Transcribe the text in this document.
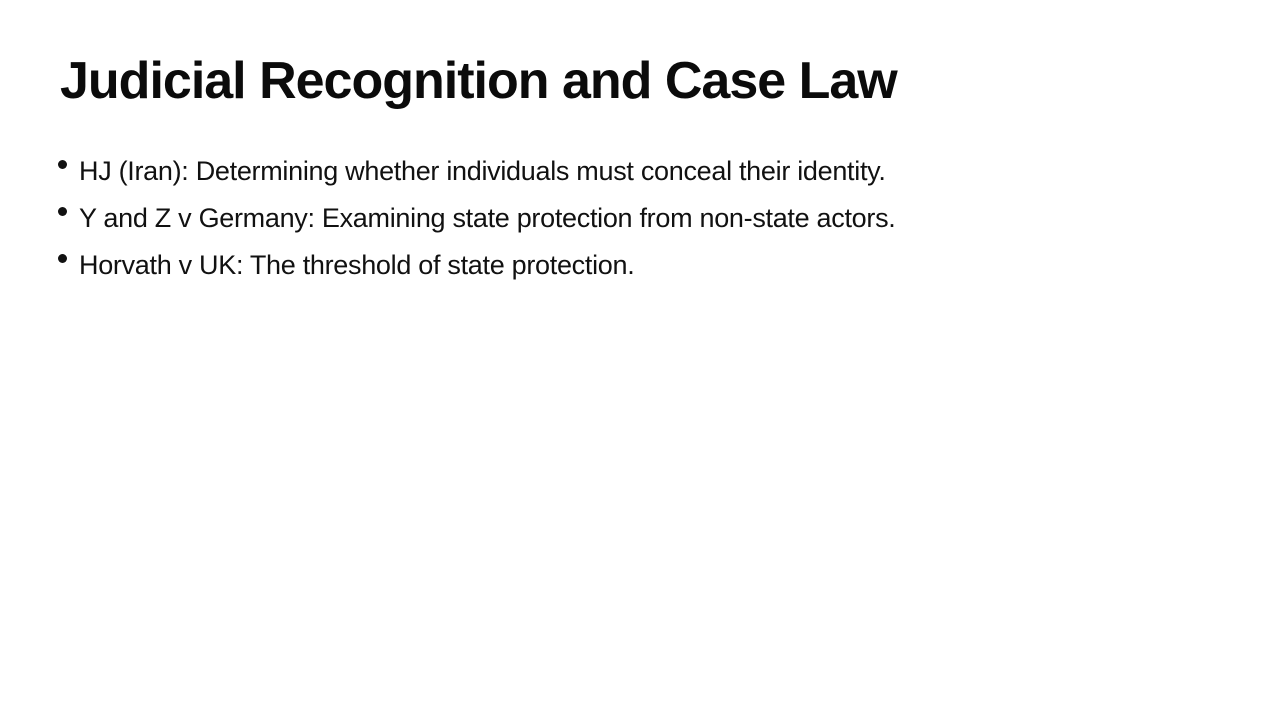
Judicial Recognition and Case Law
HJ (Iran): Determining whether individuals must conceal their identity.
Y and Z v Germany: Examining state protection from non-state actors.
Horvath v UK: The threshold of state protection.
